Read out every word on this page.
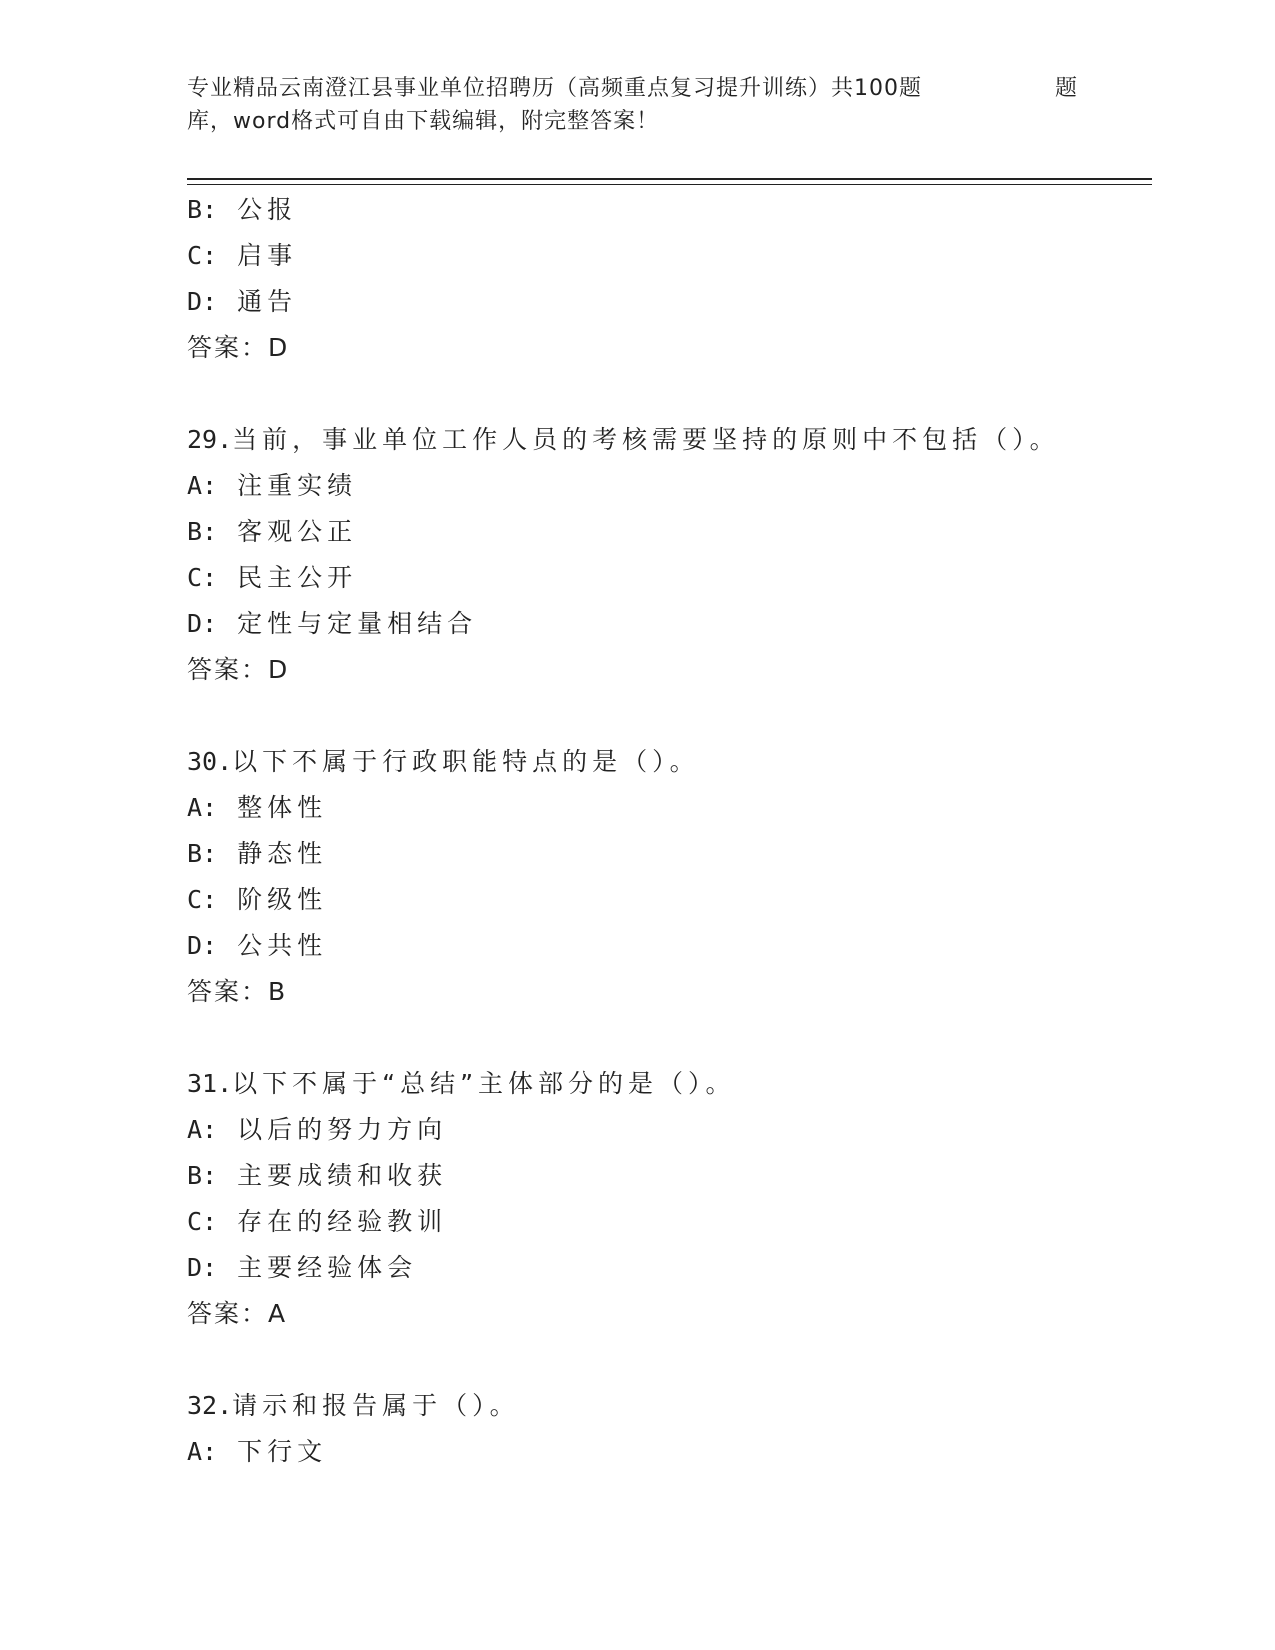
专业精品云南澄江县事业单位招聘历（高频重点复习提升训练）共100题	题
库，word格式可自由下载编辑，附完整答案！
B: 公报
C: 启事
D: 通告
答案：D
29.当前，事业单位工作人员的考核需要坚持的原则中不包括（）。
A: 注重实绩
B: 客观公正
C: 民主公开
D: 定性与定量相结合
答案：D
30.以下不属于行政职能特点的是（）。
A: 整体性
B: 静态性
C: 阶级性
D: 公共性
答案：B
31.以下不属于“总结”主体部分的是（）。
A: 以后的努力方向
B: 主要成绩和收获
C: 存在的经验教训
D: 主要经验体会
答案：A
32.请示和报告属于（）。
A: 下行文
